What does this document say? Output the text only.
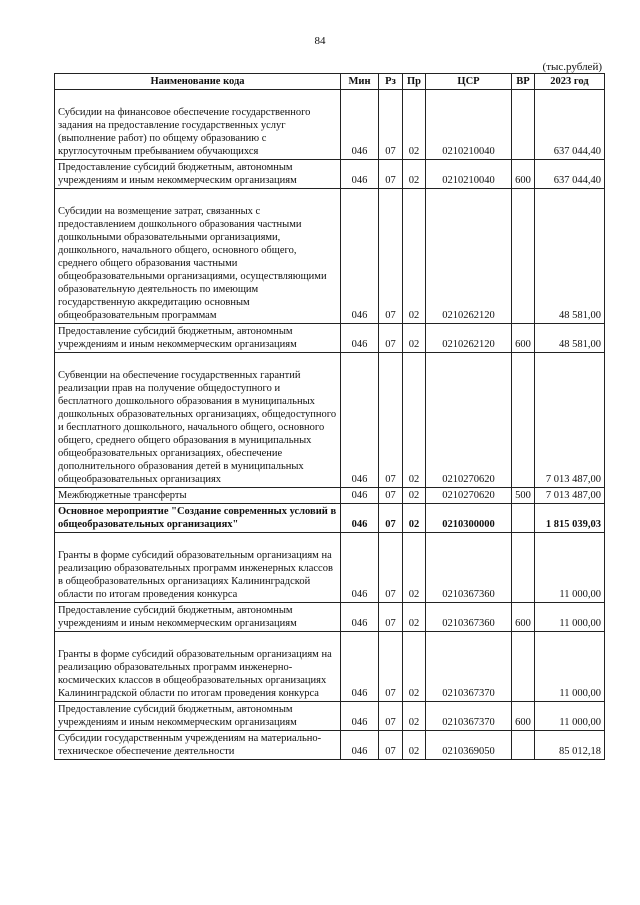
84
(тыс.рублей)
Наименование кода	Мин	Рз	Пр	ЦСР	ВР	2023 год

Субсидии на финансовое обеспечение государственного задания на предоставление государственных услуг (выполнение работ) по общему образованию с круглосуточным пребыванием обучающихся	046	07	02	0210210040		637 044,40
Предоставление субсидий бюджетным, автономным учреждениям и иным некоммерческим организациям	046	07	02	0210210040	600	637 044,40

Субсидии на возмещение затрат, связанных с предоставлением дошкольного образования частными дошкольными образовательными организациями, дошкольного, начального общего, основного общего, среднего общего образования частными общеобразовательными организациями, осуществляющими образовательную деятельность по имеющим государственную аккредитацию основным общеобразовательным программам	046	07	02	0210262120		48 581,00
Предоставление субсидий бюджетным, автономным учреждениям и иным некоммерческим организациям	046	07	02	0210262120	600	48 581,00

Субвенции на обеспечение государственных гарантий реализации прав на получение общедоступного и бесплатного дошкольного образования в муниципальных дошкольных образовательных организациях, общедоступного и бесплатного дошкольного, начального общего, основного общего, среднего общего образования в муниципальных общеобразовательных организациях, обеспечение дополнительного образования детей в муниципальных общеобразовательных организациях	046	07	02	0210270620		7 013 487,00
Межбюджетные трансферты	046	07	02	0210270620	500	7 013 487,00
Основное мероприятие "Создание современных условий в общеобразовательных организациях"	046	07	02	0210300000		1 815 039,03

Гранты в форме субсидий образовательным организациям на реализацию образовательных программ инженерных классов в общеобразовательных организациях Калининградской области по итогам проведения конкурса	046	07	02	0210367360		11 000,00
Предоставление субсидий бюджетным, автономным учреждениям и иным некоммерческим организациям	046	07	02	0210367360	600	11 000,00

Гранты в форме субсидий образовательным организациям на реализацию образовательных программ инженерно-космических классов в общеобразовательных организациях Калининградской области по итогам проведения конкурса	046	07	02	0210367370		11 000,00
Предоставление субсидий бюджетным, автономным учреждениям и иным некоммерческим организациям	046	07	02	0210367370	600	11 000,00
Субсидии государственным учреждениям на материально-техническое обеспечение деятельности	046	07	02	0210369050		85 012,18
